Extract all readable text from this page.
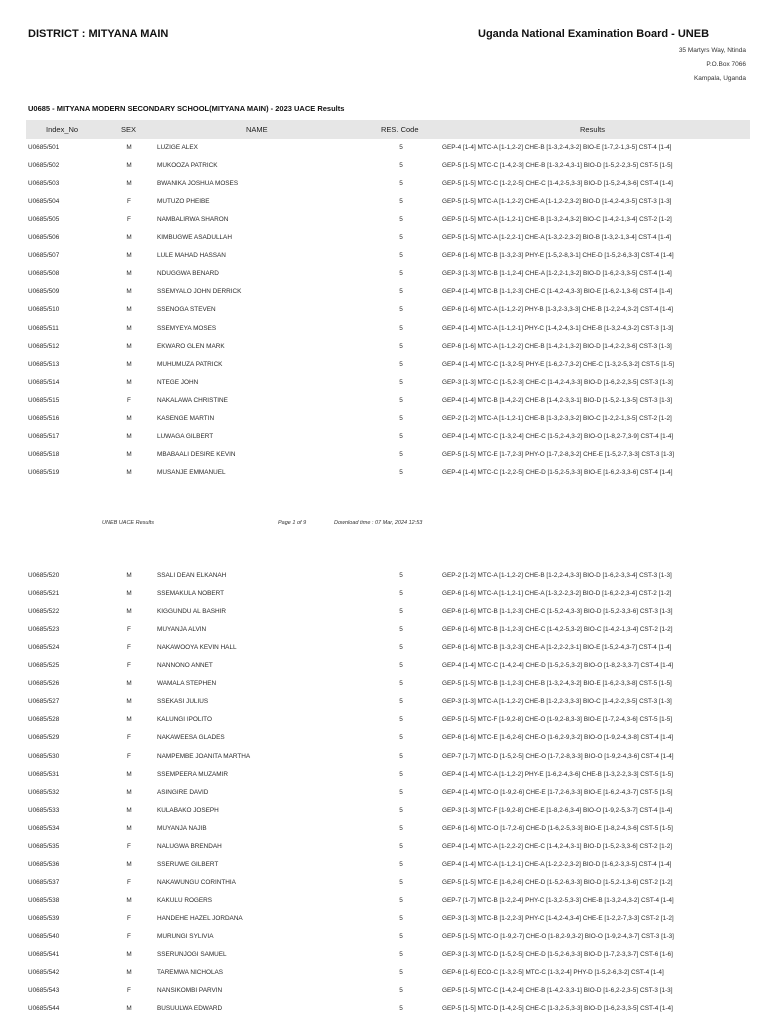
DISTRICT : MITYANA MAIN	Uganda National Examination Board - UNEB
35 Martyrs Way, Ntinda
P.O.Box 7066
Kampala, Uganda
U0685 - MITYANA MODERN SECONDARY SCHOOL(MITYANA MAIN) - 2023 UACE Results
Index_No	SEX	NAME	RES. Code	Results
U0685/501	M	LUZIGE ALEX	5	GEP-4 [1-4] MTC-A [1-1,2-2] CHE-B [1-3,2-4,3-2] BIO-E [1-7,2-1,3-5] CST-4 [1-4]
U0685/502	M	MUKOOZA PATRICK	5	GEP-5 [1-5] MTC-C [1-4,2-3] CHE-B [1-3,2-4,3-1] BIO-D [1-5,2-2,3-5] CST-5 [1-5]
U0685/503	M	BWANIKA JOSHUA MOSES	5	GEP-5 [1-5] MTC-C [1-2,2-5] CHE-C [1-4,2-5,3-3] BIO-D [1-5,2-4,3-6] CST-4 [1-4]
U0685/504	F	MUTUZO PHEIBE	5	GEP-5 [1-5] MTC-A [1-1,2-2] CHE-A [1-1,2-2,3-2] BIO-D [1-4,2-4,3-5] CST-3 [1-3]
U0685/505	F	NAMBALIRWA SHARON	5	GEP-5 [1-5] MTC-A [1-1,2-1] CHE-B [1-3,2-4,3-2] BIO-C [1-4,2-1,3-4] CST-2 [1-2]
U0685/506	M	KIMBUGWE ASADULLAH	5	GEP-5 [1-5] MTC-A [1-2,2-1] CHE-A [1-3,2-2,3-2] BIO-B [1-3,2-1,3-4] CST-4 [1-4]
U0685/507	M	LULE MAHAD HASSAN	5	GEP-6 [1-6] MTC-B [1-3,2-3] PHY-E [1-5,2-8,3-1] CHE-D [1-5,2-6,3-3] CST-4 [1-4]
U0685/508	M	NDUGGWA BENARD	5	GEP-3 [1-3] MTC-B [1-1,2-4] CHE-A [1-2,2-1,3-2] BIO-D [1-6,2-3,3-5] CST-4 [1-4]
U0685/509	M	SSEMYALO JOHN DERRICK	5	GEP-4 [1-4] MTC-B [1-1,2-3] CHE-C [1-4,2-4,3-3] BIO-E [1-6,2-1,3-6] CST-4 [1-4]
U0685/510	M	SSENOGA STEVEN	5	GEP-6 [1-6] MTC-A [1-1,2-2] PHY-B [1-3,2-3,3-3] CHE-B [1-2,2-4,3-2] CST-4 [1-4]
U0685/511	M	SSEMYEYA MOSES	5	GEP-4 [1-4] MTC-A [1-1,2-1] PHY-C [1-4,2-4,3-1] CHE-B [1-3,2-4,3-2] CST-3 [1-3]
U0685/512	M	EKWARO GLEN MARK	5	GEP-6 [1-6] MTC-A [1-1,2-2] CHE-B [1-4,2-1,3-2] BIO-D [1-4,2-2,3-6] CST-3 [1-3]
U0685/513	M	MUHUMUZA PATRICK	5	GEP-4 [1-4] MTC-C [1-3,2-5] PHY-E [1-6,2-7,3-2] CHE-C [1-3,2-5,3-2] CST-5 [1-5]
U0685/514	M	NTEGE JOHN	5	GEP-3 [1-3] MTC-C [1-5,2-3] CHE-C [1-4,2-4,3-3] BIO-D [1-6,2-2,3-5] CST-3 [1-3]
U0685/515	F	NAKALAWA CHRISTINE	5	GEP-4 [1-4] MTC-B [1-4,2-2] CHE-B [1-4,2-3,3-1] BIO-D [1-5,2-1,3-5] CST-3 [1-3]
U0685/516	M	KASENGE MARTIN	5	GEP-2 [1-2] MTC-A [1-1,2-1] CHE-B [1-3,2-3,3-2] BIO-C [1-2,2-1,3-5] CST-2 [1-2]
U0685/517	M	LUWAGA GILBERT	5	GEP-4 [1-4] MTC-C [1-3,2-4] CHE-C [1-5,2-4,3-2] BIO-O [1-8,2-7,3-9] CST-4 [1-4]
U0685/518	M	MBABAALI DESIRE KEVIN	5	GEP-5 [1-5] MTC-E [1-7,2-3] PHY-O [1-7,2-8,3-2] CHE-E [1-5,2-7,3-3] CST-3 [1-3]
U0685/519	M	MUSANJE EMMANUEL	5	GEP-4 [1-4] MTC-C [1-2,2-5] CHE-D [1-5,2-5,3-3] BIO-E [1-6,2-3,3-6] CST-4 [1-4]
UNEB UACE Results	Page 1 of 9	Download time : 07 Mar, 2024 12:53
U0685/520	M	SSALI DEAN ELKANAH	5	GEP-2 [1-2] MTC-A [1-1,2-2] CHE-B [1-2,2-4,3-3] BIO-D [1-6,2-3,3-4] CST-3 [1-3]
U0685/521	M	SSEMAKULA NOBERT	5	GEP-6 [1-6] MTC-A [1-1,2-1] CHE-A [1-3,2-2,3-2] BIO-D [1-6,2-2,3-4] CST-2 [1-2]
U0685/522	M	KIGGUNDU AL BASHIR	5	GEP-6 [1-6] MTC-B [1-1,2-3] CHE-C [1-5,2-4,3-3] BIO-D [1-5,2-3,3-6] CST-3 [1-3]
U0685/523	F	MUYANJA ALVIN	5	GEP-6 [1-6] MTC-B [1-1,2-3] CHE-C [1-4,2-5,3-2] BIO-C [1-4,2-1,3-4] CST-2 [1-2]
U0685/524	F	NAKAWOOYA KEVIN HALL	5	GEP-6 [1-6] MTC-B [1-3,2-3] CHE-A [1-2,2-2,3-1] BIO-E [1-5,2-4,3-7] CST-4 [1-4]
U0685/525	F	NANNONO ANNET	5	GEP-4 [1-4] MTC-C [1-4,2-4] CHE-D [1-5,2-5,3-2] BIO-O [1-8,2-3,3-7] CST-4 [1-4]
U0685/526	M	WAMALA STEPHEN	5	GEP-5 [1-5] MTC-B [1-1,2-3] CHE-B [1-3,2-4,3-2] BIO-E [1-6,2-3,3-8] CST-5 [1-5]
U0685/527	M	SSEKASI JULIUS	5	GEP-3 [1-3] MTC-A [1-1,2-2] CHE-B [1-2,2-3,3-3] BIO-C [1-4,2-2,3-5] CST-3 [1-3]
U0685/528	M	KALUNGI IPOLITO	5	GEP-5 [1-5] MTC-F [1-9,2-8] CHE-O [1-9,2-8,3-3] BIO-E [1-7,2-4,3-6] CST-5 [1-5]
U0685/529	F	NAKAWEESA GLADES	5	GEP-6 [1-6] MTC-E [1-6,2-6] CHE-O [1-6,2-9,3-2] BIO-O [1-9,2-4,3-8] CST-4 [1-4]
U0685/530	F	NAMPEMBE JOANITA MARTHA	5	GEP-7 [1-7] MTC-D [1-5,2-5] CHE-O [1-7,2-8,3-3] BIO-O [1-9,2-4,3-6] CST-4 [1-4]
U0685/531	M	SSEMPEERA MUZAMIR	5	GEP-4 [1-4] MTC-A [1-1,2-2] PHY-E [1-6,2-4,3-6] CHE-B [1-3,2-2,3-3] CST-5 [1-5]
U0685/532	M	ASINGIRE DAVID	5	GEP-4 [1-4] MTC-O [1-9,2-6] CHE-E [1-7,2-6,3-3] BIO-E [1-6,2-4,3-7] CST-5 [1-5]
U0685/533	M	KULABAKO JOSEPH	5	GEP-3 [1-3] MTC-F [1-9,2-8] CHE-E [1-8,2-6,3-4] BIO-O [1-9,2-5,3-7] CST-4 [1-4]
U0685/534	M	MUYANJA NAJIB	5	GEP-6 [1-6] MTC-O [1-7,2-6] CHE-D [1-6,2-5,3-3] BIO-E [1-8,2-4,3-6] CST-5 [1-5]
U0685/535	F	NALUGWA BRENDAH	5	GEP-4 [1-4] MTC-A [1-2,2-2] CHE-C [1-4,2-4,3-1] BIO-D [1-5,2-3,3-6] CST-2 [1-2]
U0685/536	M	SSERUWE GILBERT	5	GEP-4 [1-4] MTC-A [1-1,2-1] CHE-A [1-2,2-2,3-2] BIO-D [1-6,2-3,3-5] CST-4 [1-4]
U0685/537	F	NAKAWUNGU CORINTHIA	5	GEP-5 [1-5] MTC-E [1-6,2-6] CHE-D [1-5,2-6,3-3] BIO-D [1-5,2-1,3-6] CST-2 [1-2]
U0685/538	M	KAKULU ROGERS	5	GEP-7 [1-7] MTC-B [1-2,2-4] PHY-C [1-3,2-5,3-3] CHE-B [1-3,2-4,3-2] CST-4 [1-4]
U0685/539	F	HANDEHE HAZEL JORDANA	5	GEP-3 [1-3] MTC-B [1-2,2-3] PHY-C [1-4,2-4,3-4] CHE-E [1-2,2-7,3-3] CST-2 [1-2]
U0685/540	F	MURUNGI SYLIVIA	5	GEP-5 [1-5] MTC-O [1-9,2-7] CHE-O [1-8,2-9,3-2] BIO-O [1-9,2-4,3-7] CST-3 [1-3]
U0685/541	M	SSERUNJOGI SAMUEL	5	GEP-3 [1-3] MTC-D [1-5,2-5] CHE-D [1-5,2-6,3-3] BIO-D [1-7,2-3,3-7] CST-6 [1-6]
U0685/542	M	TAREMWA NICHOLAS	5	GEP-6 [1-6] ECO-C [1-3,2-5] MTC-C [1-3,2-4] PHY-D [1-5,2-6,3-2] CST-4 [1-4]
U0685/543	F	NANSIKOMBI PARVIN	5	GEP-5 [1-5] MTC-C [1-4,2-4] CHE-B [1-4,2-3,3-1] BIO-D [1-6,2-2,3-5] CST-3 [1-3]
U0685/544	M	BUSUULWA EDWARD	5	GEP-5 [1-5] MTC-D [1-4,2-5] CHE-C [1-3,2-5,3-3] BIO-D [1-6,2-3,3-5] CST-4 [1-4]
